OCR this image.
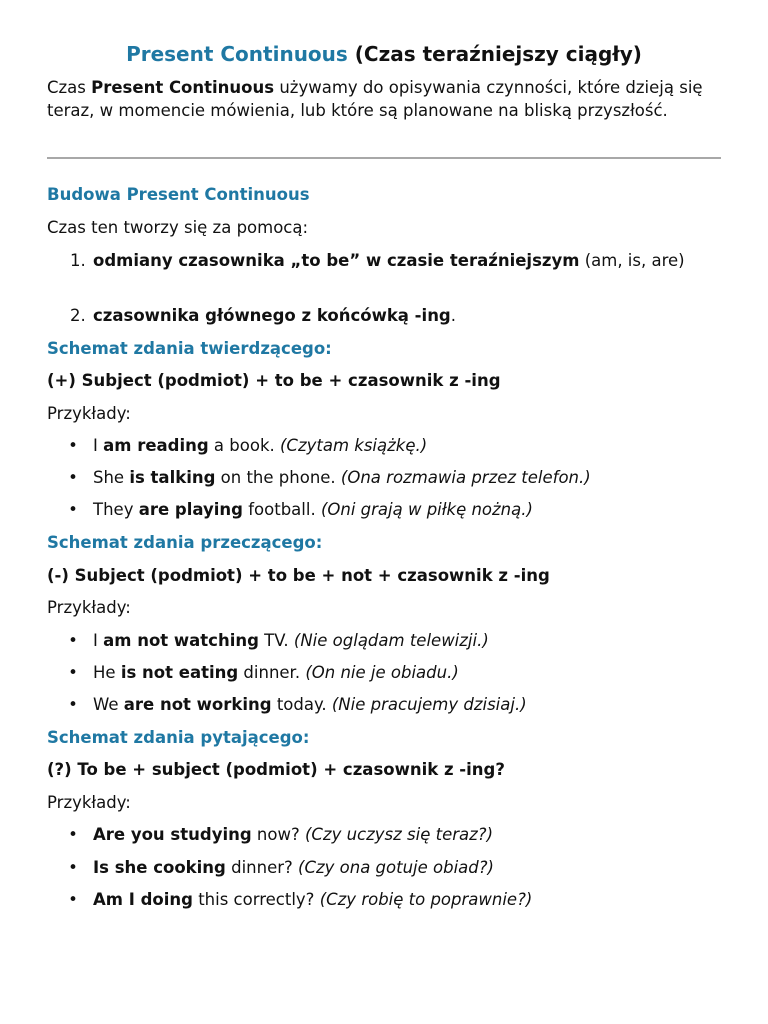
Present Continuous (Czas teraźniejszy ciągły)

Czas Present Continuous używamy do opisywania czynności, które dzieją się teraz, w momencie mówienia, lub które są planowane na bliską przyszłość.

Budowa Present Continuous

Czas ten tworzy się za pomocą:

1. odmiany czasownika „to be” w czasie teraźniejszym (am, is, are)

2. czasownika głównego z końcówką -ing.

Schemat zdania twierdzącego:

(+) Subject (podmiot) + to be + czasownik z -ing

Przykłady:

• I am reading a book. (Czytam książkę.)

• She is talking on the phone. (Ona rozmawia przez telefon.)

• They are playing football. (Oni grają w piłkę nożną.)

Schemat zdania przeczącego:

(-) Subject (podmiot) + to be + not + czasownik z -ing

Przykłady:

• I am not watching TV. (Nie oglądam telewizji.)

• He is not eating dinner. (On nie je obiadu.)

• We are not working today. (Nie pracujemy dzisiaj.)

Schemat zdania pytającego:

(?) To be + subject (podmiot) + czasownik z -ing?

Przykłady:

• Are you studying now? (Czy uczysz się teraz?)

• Is she cooking dinner? (Czy ona gotuje obiad?)

• Am I doing this correctly? (Czy robię to poprawnie?)
